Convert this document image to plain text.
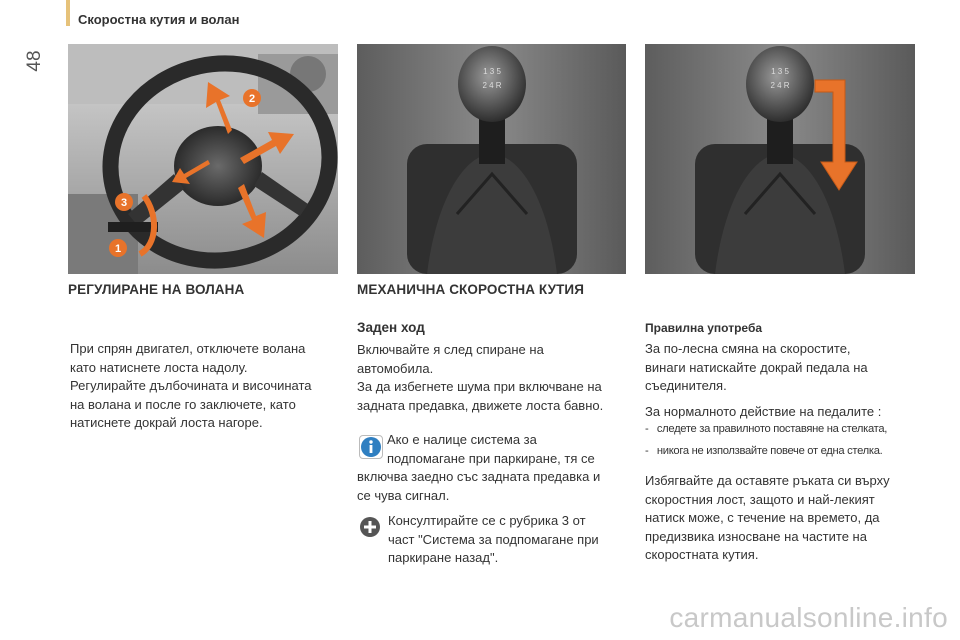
48
Скоростна кутия и волан
2
3
1
1 3 5
2 4 R
1 3 5
2 4 R
РЕГУЛИРАНЕ НА ВОЛАНА

При спрян двигател, отключете волана
като натиснете лоста надолу.
Регулирайте дълбочината и височината
на волана и после го заключете, като
натиснете докрай лоста нагоре.

МЕХАНИЧНА СКОРОСТНА КУТИЯ
Заден ход

Включвайте я след спиране на
автомобила.
За да избегнете шума при включване на
задната предавка, движете лоста бавно.

Ако е налице система за
подпомагане при паркиране, тя се
включва заедно със задната предавка и
се чува сигнал.

Консултирайте се с рубрика 3 от
част "Система за подпомагане при
паркиране назад".

Правилна употреба

За по-лесна смяна на скоростите,
винаги натискайте докрай педала на
съединителя.

За нормалното действие на педалите :

- следете за правилното поставяне на стелката,
- никога не използвайте повече от една стелка.

Избягвайте да оставяте ръката си върху
скоростния лост, защото и най-лекият
натиск може, с течение на времето, да
предизвика износване на частите на
скоростната кутия.

carmanualsonline.info
